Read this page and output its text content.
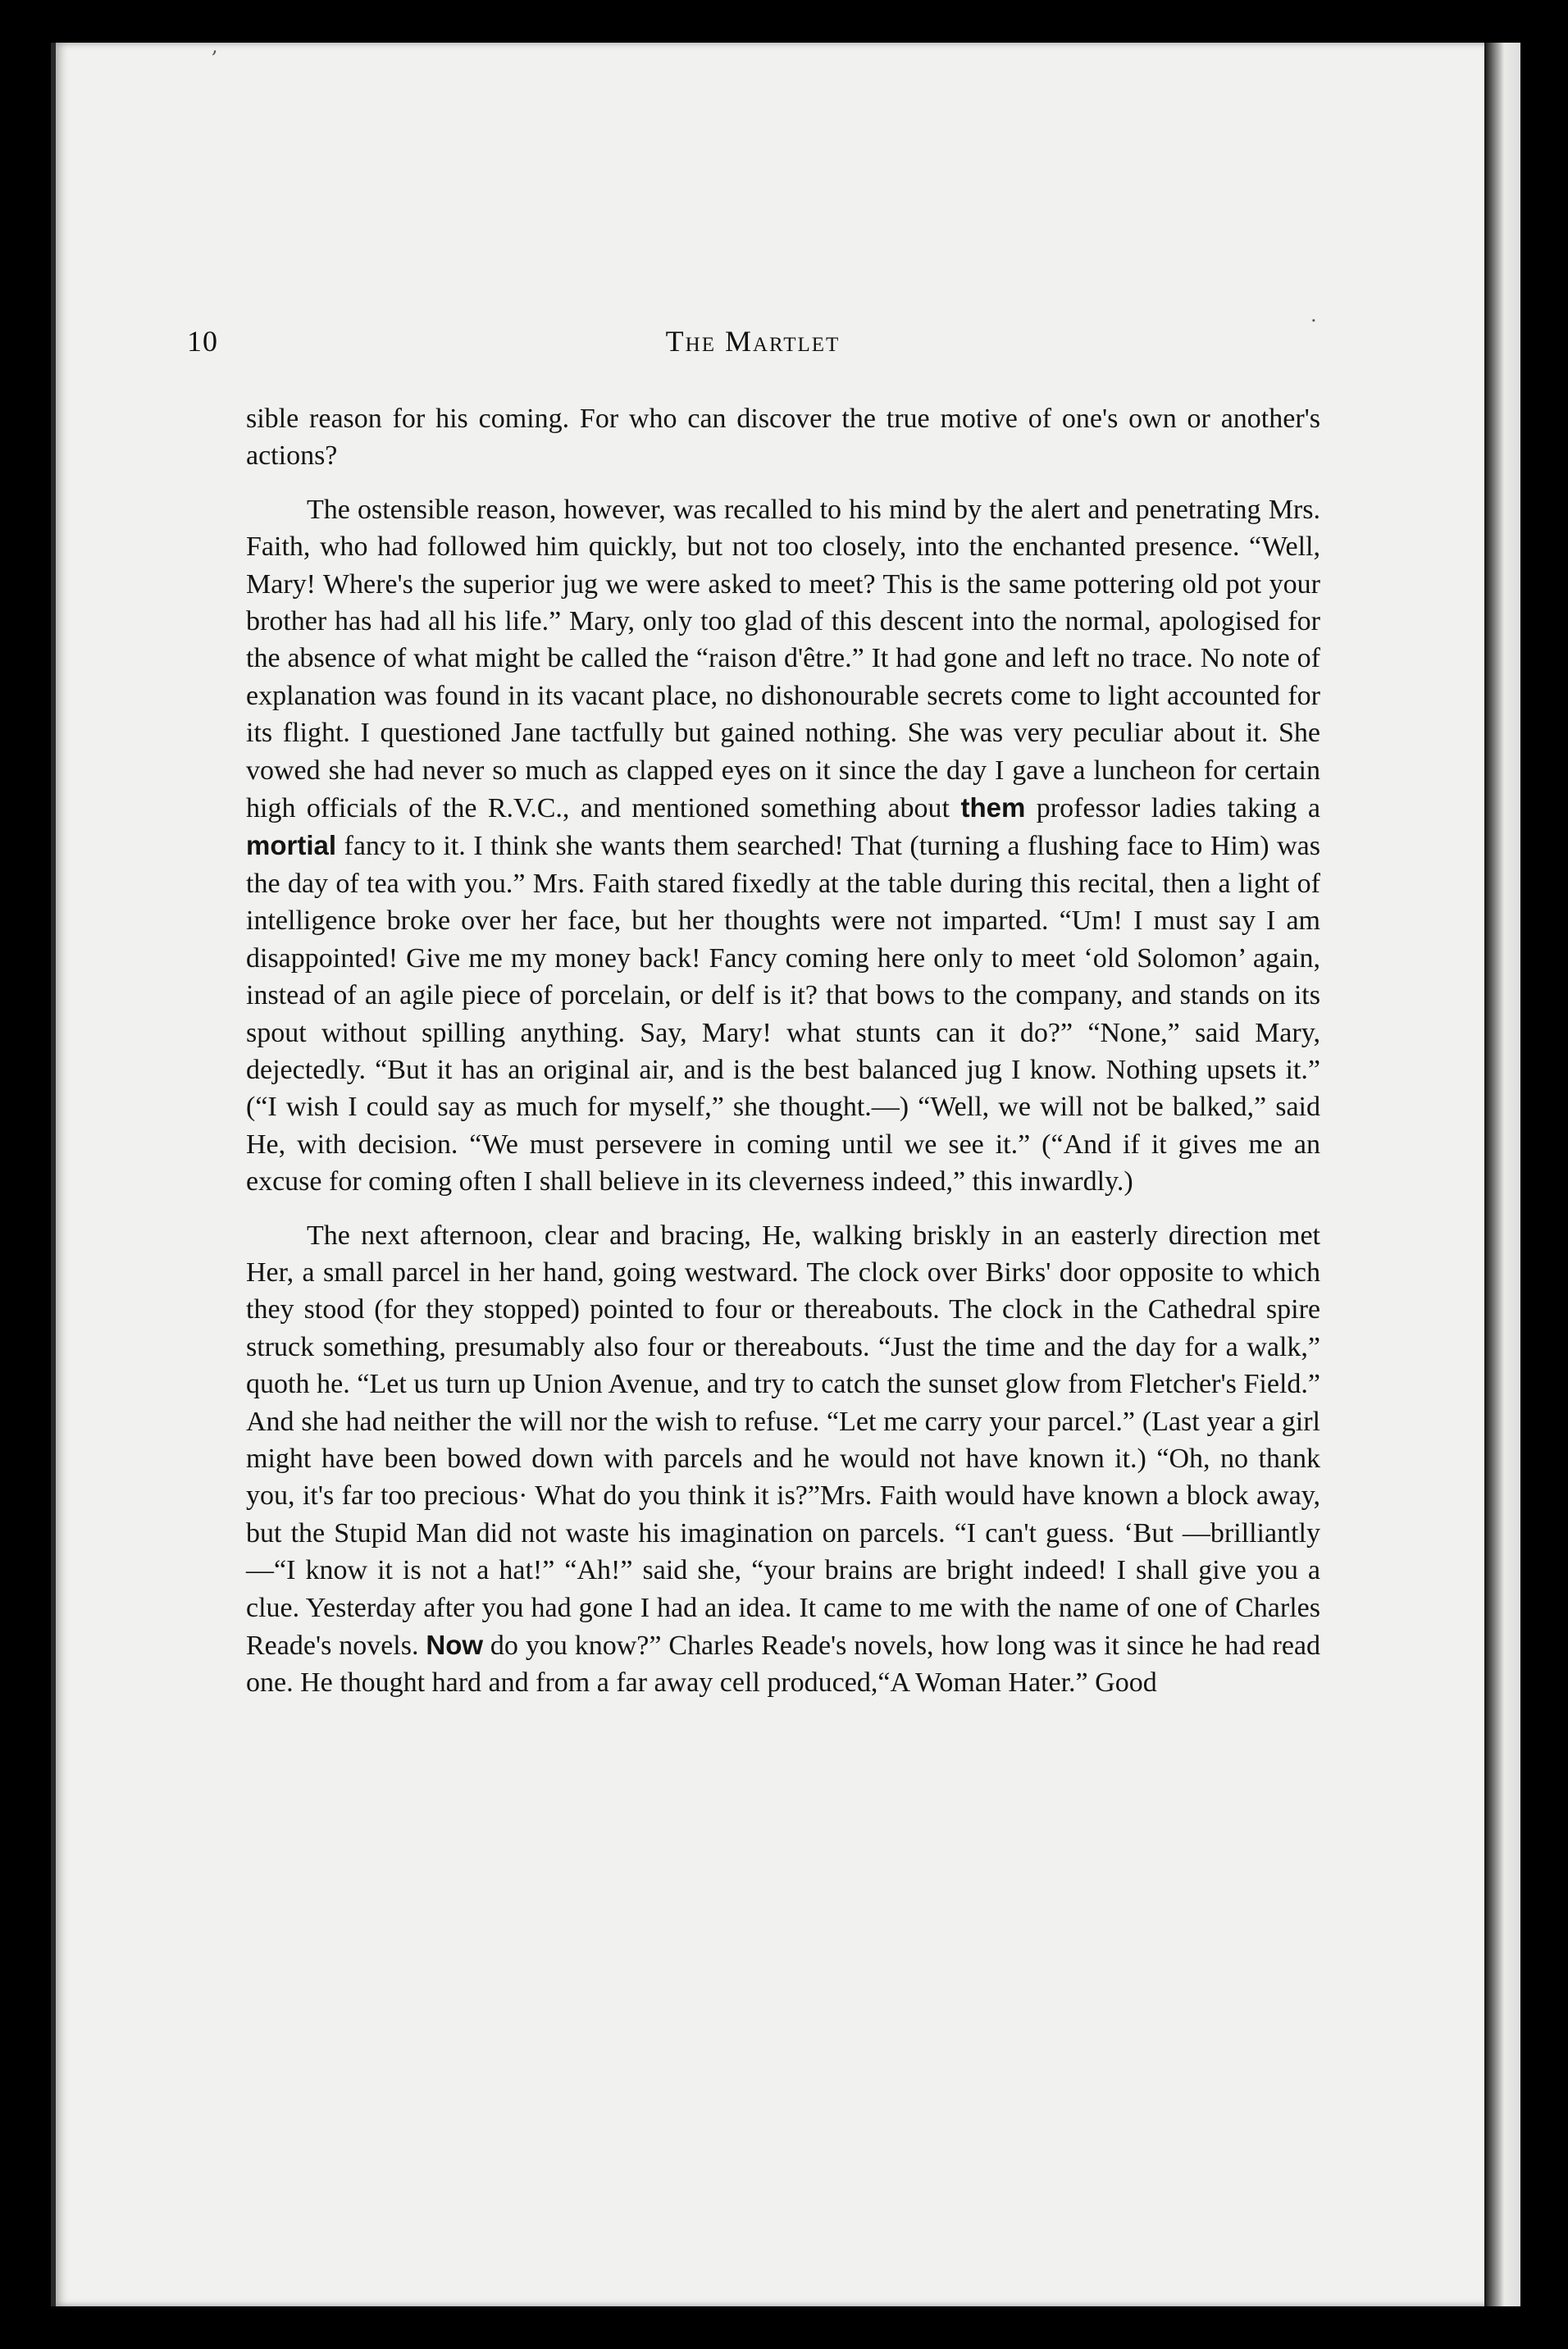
,
.
10	The Martlet

sible reason for his coming. For who can discover the true motive of one's own or another's actions?

The ostensible reason, however, was recalled to his mind by the alert and penetrating Mrs. Faith, who had followed him quickly, but not too closely, into the enchanted presence. “Well, Mary! Where's the superior jug we were asked to meet? This is the same pottering old pot your brother has had all his life.” Mary, only too glad of this descent into the normal, apologised for the absence of what might be called the “raison d'être.” It had gone and left no trace. No note of explanation was found in its vacant place, no dishonourable secrets come to light accounted for its flight. I questioned Jane tactfully but gained nothing. She was very peculiar about it. She vowed she had never so much as clapped eyes on it since the day I gave a luncheon for certain high officials of the R.V.C., and mentioned something about them professor ladies taking a mortial fancy to it. I think she wants them searched! That (turning a flushing face to Him) was the day of tea with you.” Mrs. Faith stared fixedly at the table during this recital, then a light of intelligence broke over her face, but her thoughts were not imparted. “Um! I must say I am disappointed! Give me my money back! Fancy coming here only to meet ‘old Solomon’ again, instead of an agile piece of porcelain, or delf is it? that bows to the company, and stands on its spout without spilling anything. Say, Mary! what stunts can it do?” “None,” said Mary, dejectedly. “But it has an original air, and is the best balanced jug I know. Nothing upsets it.” (“I wish I could say as much for myself,” she thought.—) “Well, we will not be balked,” said He, with decision. “We must persevere in coming until we see it.” (“And if it gives me an excuse for coming often I shall believe in its cleverness indeed,” this inwardly.)

The next afternoon, clear and bracing, He, walking briskly in an easterly direction met Her, a small parcel in her hand, going westward. The clock over Birks' door opposite to which they stood (for they stopped) pointed to four or thereabouts. The clock in the Cathedral spire struck something, presumably also four or thereabouts. “Just the time and the day for a walk,” quoth he. “Let us turn up Union Avenue, and try to catch the sunset glow from Fletcher's Field.” And she had neither the will nor the wish to refuse. “Let me carry your parcel.” (Last year a girl might have been bowed down with parcels and he would not have known it.) “Oh, no thank you, it's far too precious· What do you think it is?”Mrs. Faith would have known a block away, but the Stupid Man did not waste his imagination on parcels. “I can't guess. ‘But —brilliantly—“I know it is not a hat!” “Ah!” said she, “your brains are bright indeed! I shall give you a clue. Yesterday after you had gone I had an idea. It came to me with the name of one of Charles Reade's novels. Now do you know?” Charles Reade's novels, how long was it since he had read one. He thought hard and from a far away cell produced,“A Woman Hater.” Good
